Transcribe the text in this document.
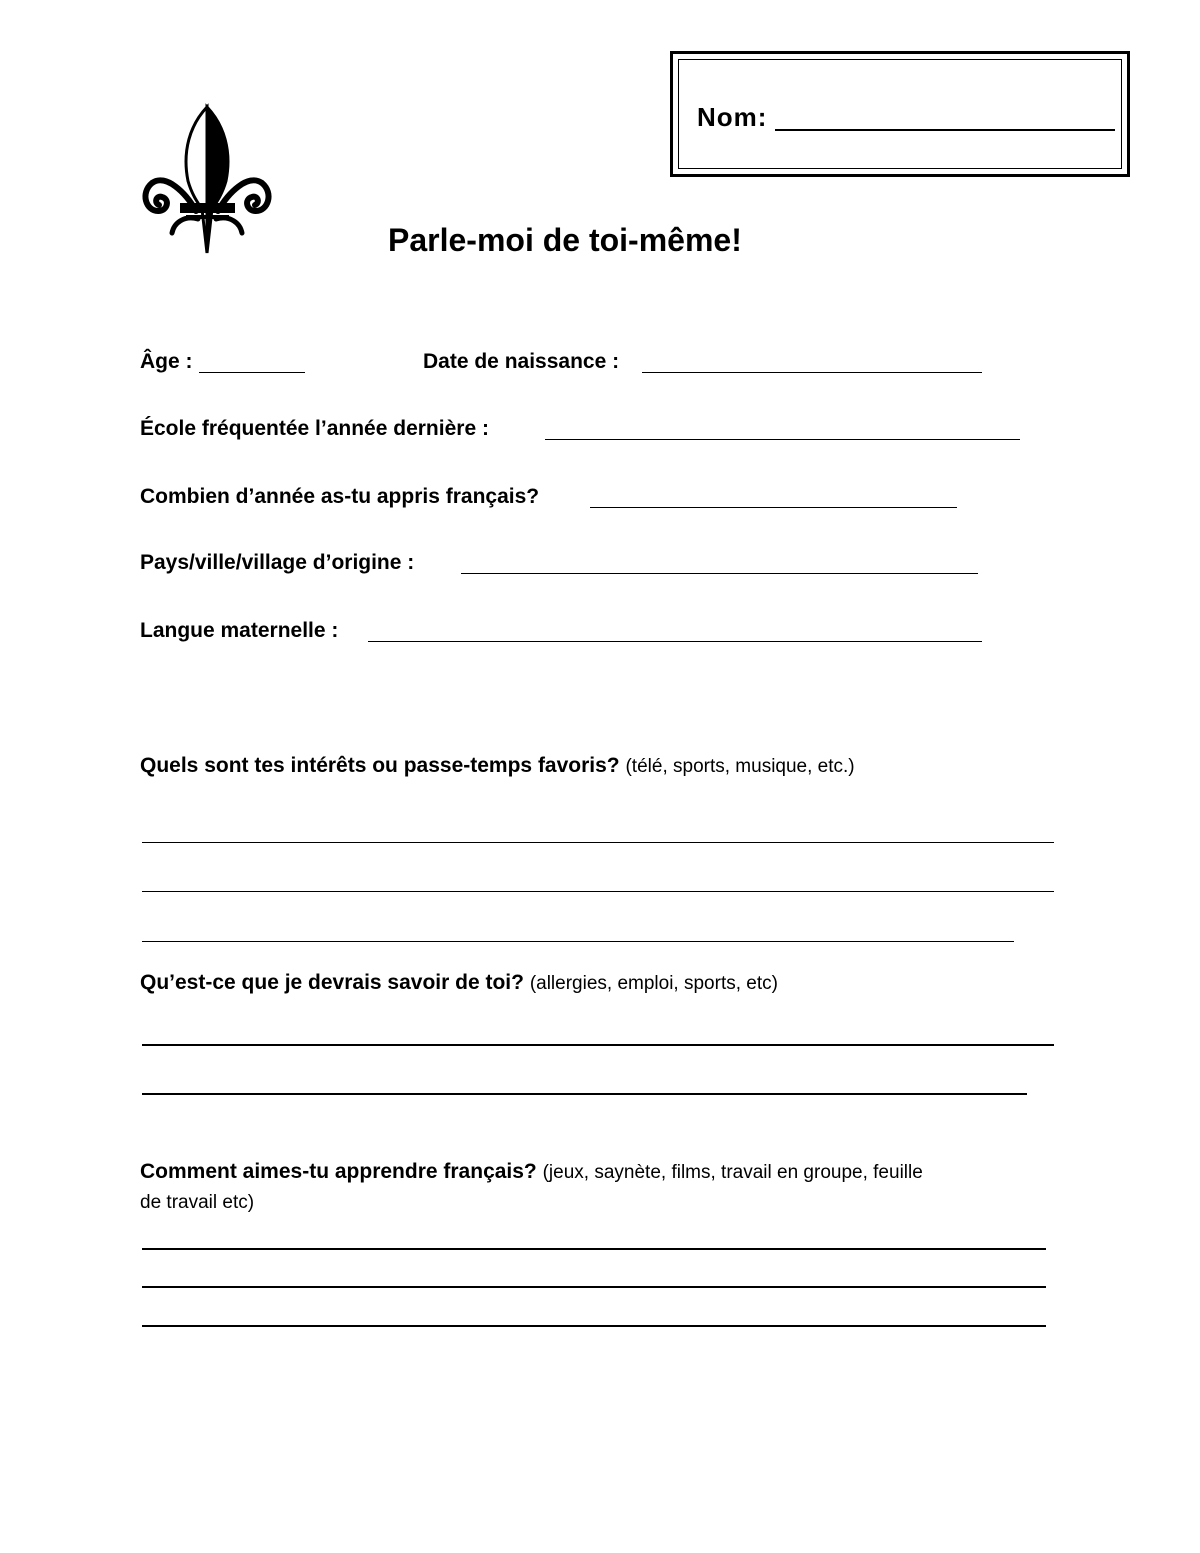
Nom:
Parle-moi de toi-même!
Âge :	Date de naissance :
École fréquentée l’année dernière :
Combien d’année as-tu appris français?
Pays/ville/village d’origine :
Langue maternelle :
Quels sont tes intérêts ou passe-temps favoris? (télé, sports, musique, etc.)
Qu’est-ce que je devrais savoir de toi? (allergies, emploi, sports, etc)
Comment aimes-tu apprendre français? (jeux, saynète, films, travail en groupe, feuille
de travail etc)
